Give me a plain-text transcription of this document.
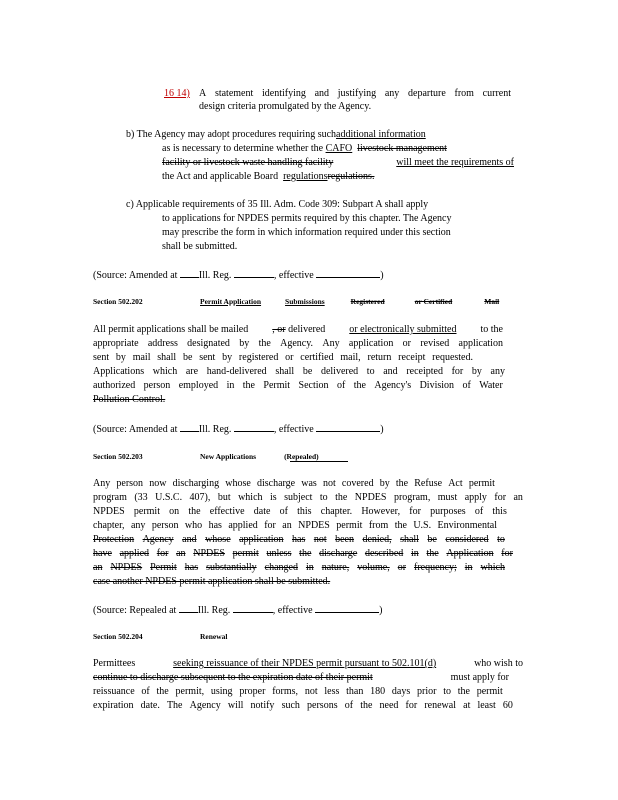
16 14) A statement identifying and justifying any departure from current
design criteria promulgated by the Agency.
b) The Agency may adopt procedures requiring suchadditional information
as is necessary to determine whether the CAFO livestock management
facility or livestock waste handling facility	will meet the requirements of
the Act and applicable Board regulationsregulations.
c) Applicable requirements of 35 Ill. Adm. Code 309: Subpart A shall apply
to applications for NPDES permits required by this chapter. The Agency
may prescribe the form in which information required under this section
shall be submitted.
(Source: Amended at Ill. Reg.	, effective	)
Section 502.202	Permit Application	Submissions	Registered	or Certified	Mail
All permit applications shall be mailed , or delivered or electronically submitted to the
appropriate address designated by the Agency. Any application or revised application
sent by mail shall be sent by registered or certified mail, return receipt requested.
Applications which are hand-delivered shall be delivered to and receipted for by any
authorized person employed in the Permit Section of the Agency's Division of Water
Pollution Control.
(Source: Amended at Ill. Reg.	, effective	)
Section 502.203	New Applications	(Repealed)
Any person now discharging whose discharge was not covered by the Refuse Act permit
program (33 U.S.C. 407), but which is subject to the NPDES program, must apply for an
NPDES permit on the effective date of this chapter. However, for purposes of this
chapter, any person who has applied for an NPDES permit from the U.S. Environmental
Protection Agency and whose application has not been denied, shall be considered to
have applied for an NPDES permit unless the discharge described in the Application for
an NPDES Permit has substantially changed in nature, volume, or frequency; in which
case another NPDES permit application shall be submitted.
(Source: Repealed at Ill. Reg.	, effective	)
Section 502.204	Renewal
Permittees	seeking reissuance of their NPDES permit pursuant to 502.101(d)	who wish to
continue to discharge subsequent to the expiration date of their permit	must apply for
reissuance of the permit, using proper forms, not less than 180 days prior to the permit
expiration date. The Agency will notify such persons of the need for renewal at least 60
